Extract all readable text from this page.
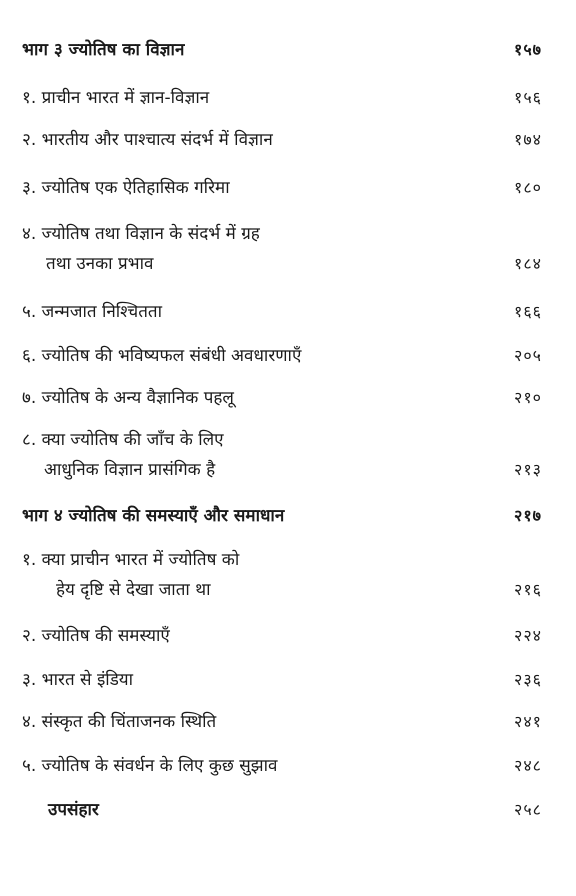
भाग ३ ज्योतिष का विज्ञान	१५७
१. प्राचीन भारत में ज्ञान-विज्ञान	१५६
२. भारतीय और पाश्चात्य संदर्भ में विज्ञान	१७४
३. ज्योतिष एक ऐतिहासिक गरिमा	१८०
४. ज्योतिष तथा विज्ञान के संदर्भ में ग्रह
तथा उनका प्रभाव	१८४
५. जन्मजात निश्चितता	१६६
६. ज्योतिष की भविष्यफल संबंधी अवधारणाएँ	२०५
७. ज्योतिष के अन्य वैज्ञानिक पहलू	२१०
८. क्या ज्योतिष की जाँच के लिए
आधुनिक विज्ञान प्रासंगिक है	२१३
भाग ४ ज्योतिष की समस्याएँ और समाधान	२१७
१. क्या प्राचीन भारत में ज्योतिष को
हेय दृष्टि से देखा जाता था	२१६
२. ज्योतिष की समस्याएँ	२२४
३. भारत से इंडिया	२३६
४. संस्कृत की चिंताजनक स्थिति	२४१
५. ज्योतिष के संवर्धन के लिए कुछ सुझाव	२४८
उपसंहार	२५८
